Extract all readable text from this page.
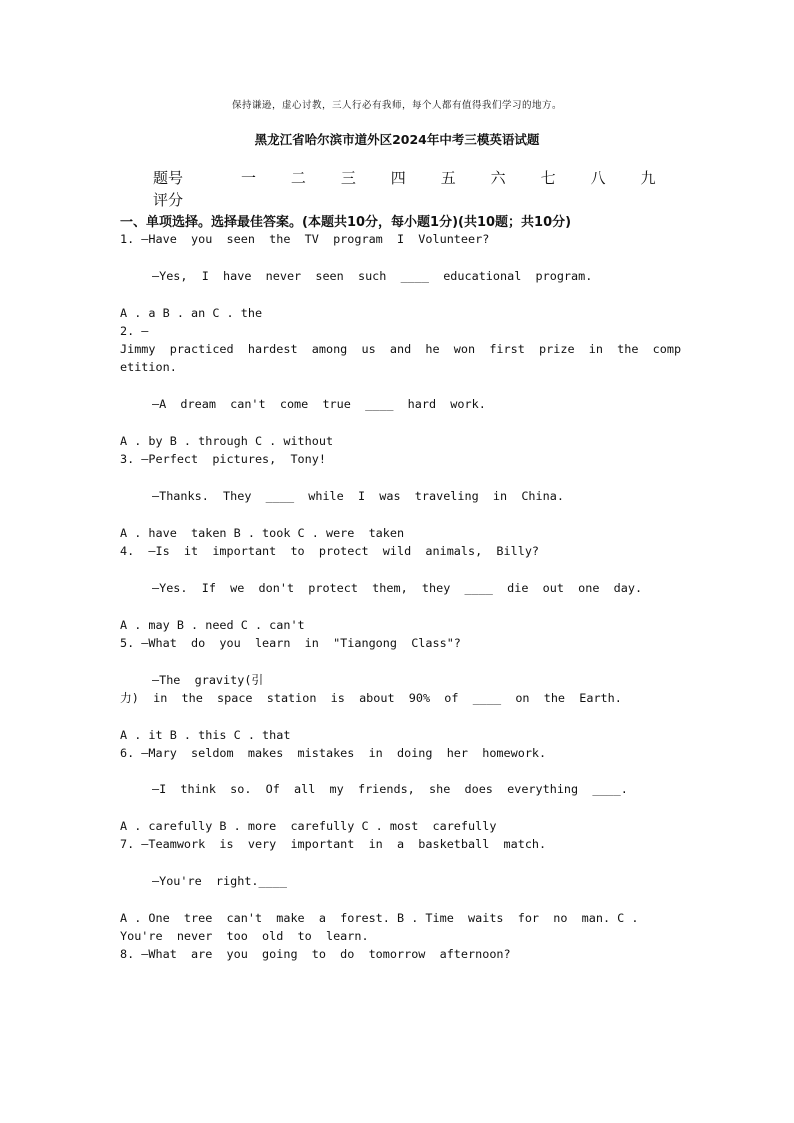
保持谦逊，虚心讨教，三人行必有我师，每个人都有值得我们学习的地方。
黑龙江省哈尔滨市道外区2024年中考三模英语试题
题号	一	二	三	四	五	六	七	八	九
评分
一、单项选择。选择最佳答案。(本题共10分，每小题1分)(共10题；共10分)
1. —Have  you  seen  the  TV  program  I  Volunteer?
—Yes,  I  have  never  seen  such  ____  educational  program.
A . a B . an C . the
2. —
Jimmy  practiced  hardest  among  us  and  he  won  first  prize  in  the  comp
etition.
—A  dream  can't  come  true  ____  hard  work.
A . by B . through C . without
3. —Perfect  pictures,  Tony!
—Thanks.  They  ____  while  I  was  traveling  in  China.
A . have  taken B . took C . were  taken
4.  —Is  it  important  to  protect  wild  animals,  Billy?
—Yes.  If  we  don't  protect  them,  they  ____  die  out  one  day.
A . may B . need C . can't
5. —What  do  you  learn  in  "Tiangong  Class"?
—The  gravity(引
力)  in  the  space  station  is  about  90%  of  ____  on  the  Earth.
A . it B . this C . that
6. —Mary  seldom  makes  mistakes  in  doing  her  homework.
—I  think  so.  Of  all  my  friends,  she  does  everything  ____.
A . carefully B . more  carefully C . most  carefully
7. —Teamwork  is  very  important  in  a  basketball  match.
—You're  right.____
A . One  tree  can't  make  a  forest. B . Time  waits  for  no  man. C .
You're  never  too  old  to  learn.
8. —What  are  you  going  to  do  tomorrow  afternoon?
